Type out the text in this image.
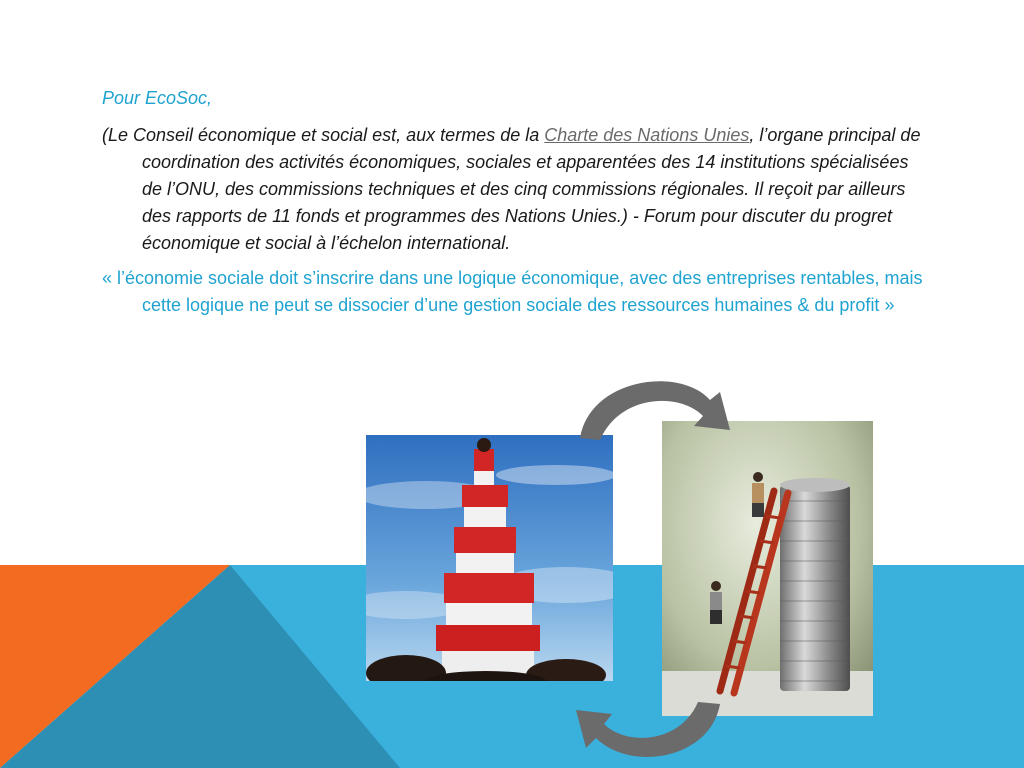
Pour EcoSoc,

(Le Conseil économique et social est, aux termes de la Charte des Nations Unies, l’organe principal de coordination des activités économiques, sociales et apparentées des 14 institutions spécialisées de l’ONU, des commissions techniques et des cinq commissions régionales. Il reçoit par ailleurs des rapports de 11 fonds et programmes des Nations Unies.) - Forum pour discuter du progret économique et social à l’échelon international.

« l’économie sociale doit s’inscrire dans une logique économique, avec des entreprises rentables, mais cette logique ne peut se dissocier d’une gestion sociale des ressources humaines & du profit »
